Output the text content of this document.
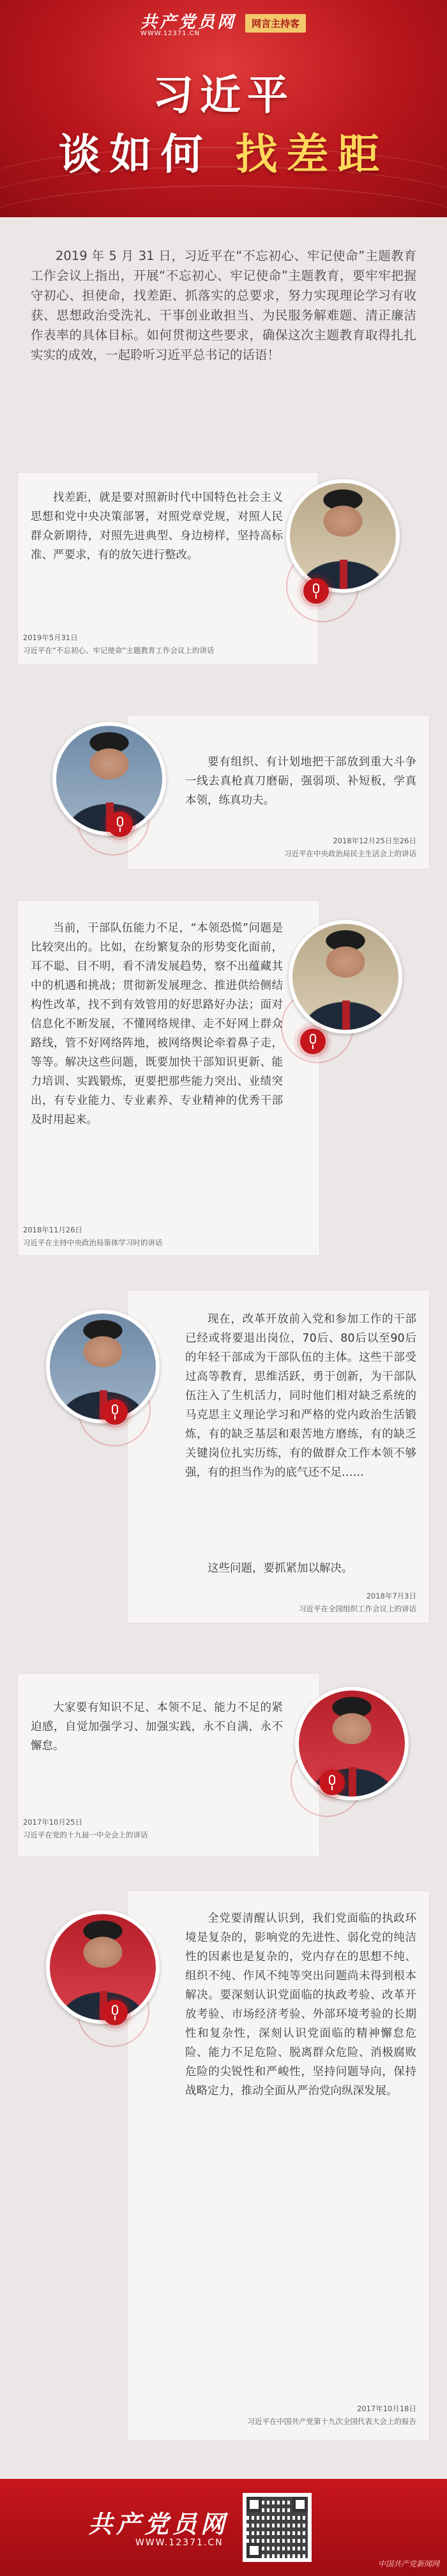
共产党员网
WWW.12371.CN
网言主持客
习近平
谈如何 找差距
2019 年 5 月 31 日，习近平在“不忘初心、牢记使命”主题教育工作会议上指出，开展“不忘初心、牢记使命”主题教育，要牢牢把握守初心、担使命，找差距、抓落实的总要求，努力实现理论学习有收获、思想政治受洗礼、干事创业敢担当、为民服务解难题、清正廉洁作表率的具体目标。如何贯彻这些要求，确保这次主题教育取得扎扎实实的成效，一起聆听习近平总书记的话语！
找差距，就是要对照新时代中国特色社会主义思想和党中央决策部署，对照党章党规，对照人民群众新期待，对照先进典型、身边榜样，坚持高标准、严要求，有的放矢进行整改。
2019年5月31日
习近平在“不忘初心、牢记使命”主题教育工作会议上的讲话
要有组织、有计划地把干部放到重大斗争一线去真枪真刀磨砺，强弱项、补短板，学真本领，练真功夫。
2018年12月25日至26日
习近平在中央政治局民主生活会上的讲话
当前，干部队伍能力不足，“本领恐慌”问题是比较突出的。比如，在纷繁复杂的形势变化面前，耳不聪、目不明，看不清发展趋势，察不出蕴藏其中的机遇和挑战；贯彻新发展理念、推进供给侧结构性改革，找不到有效管用的好思路好办法；面对信息化不断发展，不懂网络规律、走不好网上群众路线，管不好网络阵地，被网络舆论牵着鼻子走，等等。解决这些问题，既要加快干部知识更新、能力培训、实践锻炼，更要把那些能力突出、业绩突出，有专业能力、专业素养、专业精神的优秀干部及时用起来。
2018年11月26日
习近平在主持中央政治局第体学习时的讲话
现在，改革开放前入党和参加工作的干部已经或将要退出岗位，70后、80后以至90后的年轻干部成为干部队伍的主体。这些干部受过高等教育，思维活跃，勇于创新，为干部队伍注入了生机活力，同时他们相对缺乏系统的马克思主义理论学习和严格的党内政治生活锻炼，有的缺乏基层和艰苦地方磨练，有的缺乏关键岗位扎实历练，有的做群众工作本领不够强，有的担当作为的底气还不足……
这些问题，要抓紧加以解决。
2018年7月3日
习近平在全国组织工作会议上的讲话
大家要有知识不足、本领不足、能力不足的紧迫感，自觉加强学习、加强实践，永不自满，永不懈怠。
2017年10月25日
习近平在党的十九届一中全会上的讲话
全党要清醒认识到，我们党面临的执政环境是复杂的，影响党的先进性、弱化党的纯洁性的因素也是复杂的，党内存在的思想不纯、组织不纯、作风不纯等突出问题尚未得到根本解决。要深刻认识党面临的执政考验、改革开放考验、市场经济考验、外部环境考验的长期性和复杂性，深刻认识党面临的精神懈怠危险、能力不足危险、脱离群众危险、消极腐败危险的尖锐性和严峻性，坚持问题导向，保持战略定力，推动全面从严治党向纵深发展。
2017年10月18日
习近平在中国共产党第十九次全国代表大会上的报告
共产党员网
WWW.12371.CN
中国共产党新闻网
